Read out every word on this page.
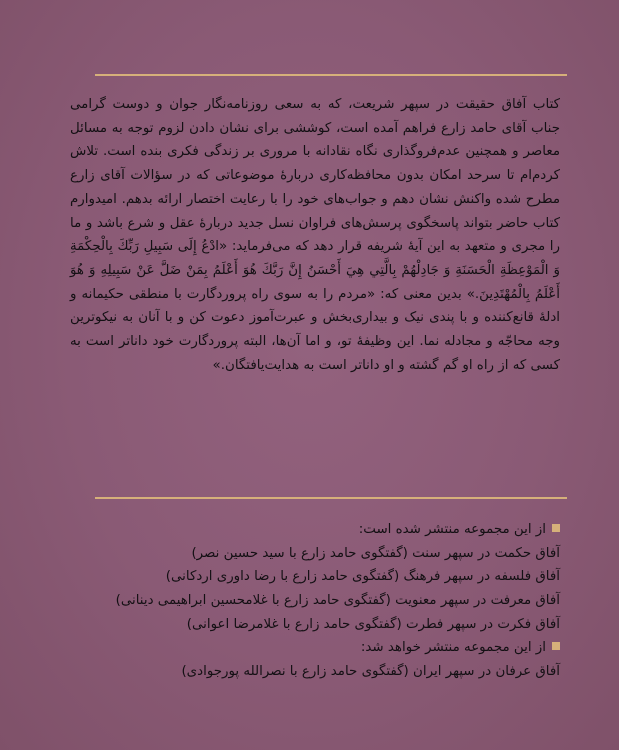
کتاب آفاق حقیقت در سپهر شریعت، که به سعی روزنامه‌نگار جوان و دوست گرامی جناب آقای حامد زارع فراهم آمده است، کوششی برای نشان دادن لزوم توجه به مسائل معاصر و همچنین عدم‌فروگذاری نگاه نقادانه با مروری بر زندگی فکری بنده است. تلاش کردم‌ام تا سرحد امکان بدون محافظه‌کاری دربارهٔ موضوعاتی که در سؤالات آقای زارع مطرح شده واکنش نشان دهم و جواب‌های خود را با رعایت اختصار ارائه بدهم. امیدوارم کتاب حاضر بتواند پاسخگوی پرسش‌های فراوان نسل جدید دربارهٔ عقل و شرع باشد و ما را مجری و متعهد به این آیهٔ شریفه قرار دهد که می‌فرماید: «ادْعُ إِلَى سَبِيلِ رَبِّكَ بِالْحِكْمَةِ وَ الْمَوْعِظَةِ الْحَسَنَةِ وَ جَادِلْهُمْ بِالَّتِي هِيَ أَحْسَنُ إِنَّ رَبَّكَ هُوَ أَعْلَمُ بِمَنْ ضَلَّ عَنْ سَبِيلِهِ وَ هُوَ أَعْلَمُ بِالْمُهْتَدِينَ.» بدین معنی که: «مردم را به سوی راه پروردگارت با منطقی حکیمانه و ادلهٔ قانع‌کننده و با پندی نیک و بیداری‌بخش و عبرت‌آموز دعوت کن و با آنان به نیکوترین وجه محاجّه و مجادله نما. این وظیفهٔ تو، و اما آن‌ها، البته پروردگارت خود داناتر است به کسی که از راه او گم گشته و او داناتر است به هدایت‌یافتگان.»

از این مجموعه منتشر شده است:
آفاق حکمت در سپهر سنت (گفتگوی حامد زارع با سید حسین نصر)
آفاق فلسفه در سپهر فرهنگ (گفتگوی حامد زارع با رضا داوری اردکانی)
آفاق معرفت در سپهر معنویت (گفتگوی حامد زارع با غلامحسین ابراهیمی دینانی)
آفاق فکرت در سپهر فطرت (گفتگوی حامد زارع با غلامرضا اعوانی)
از این مجموعه منتشر خواهد شد:
آفاق عرفان در سپهر ایران (گفتگوی حامد زارع با نصرالله پورجوادی)
